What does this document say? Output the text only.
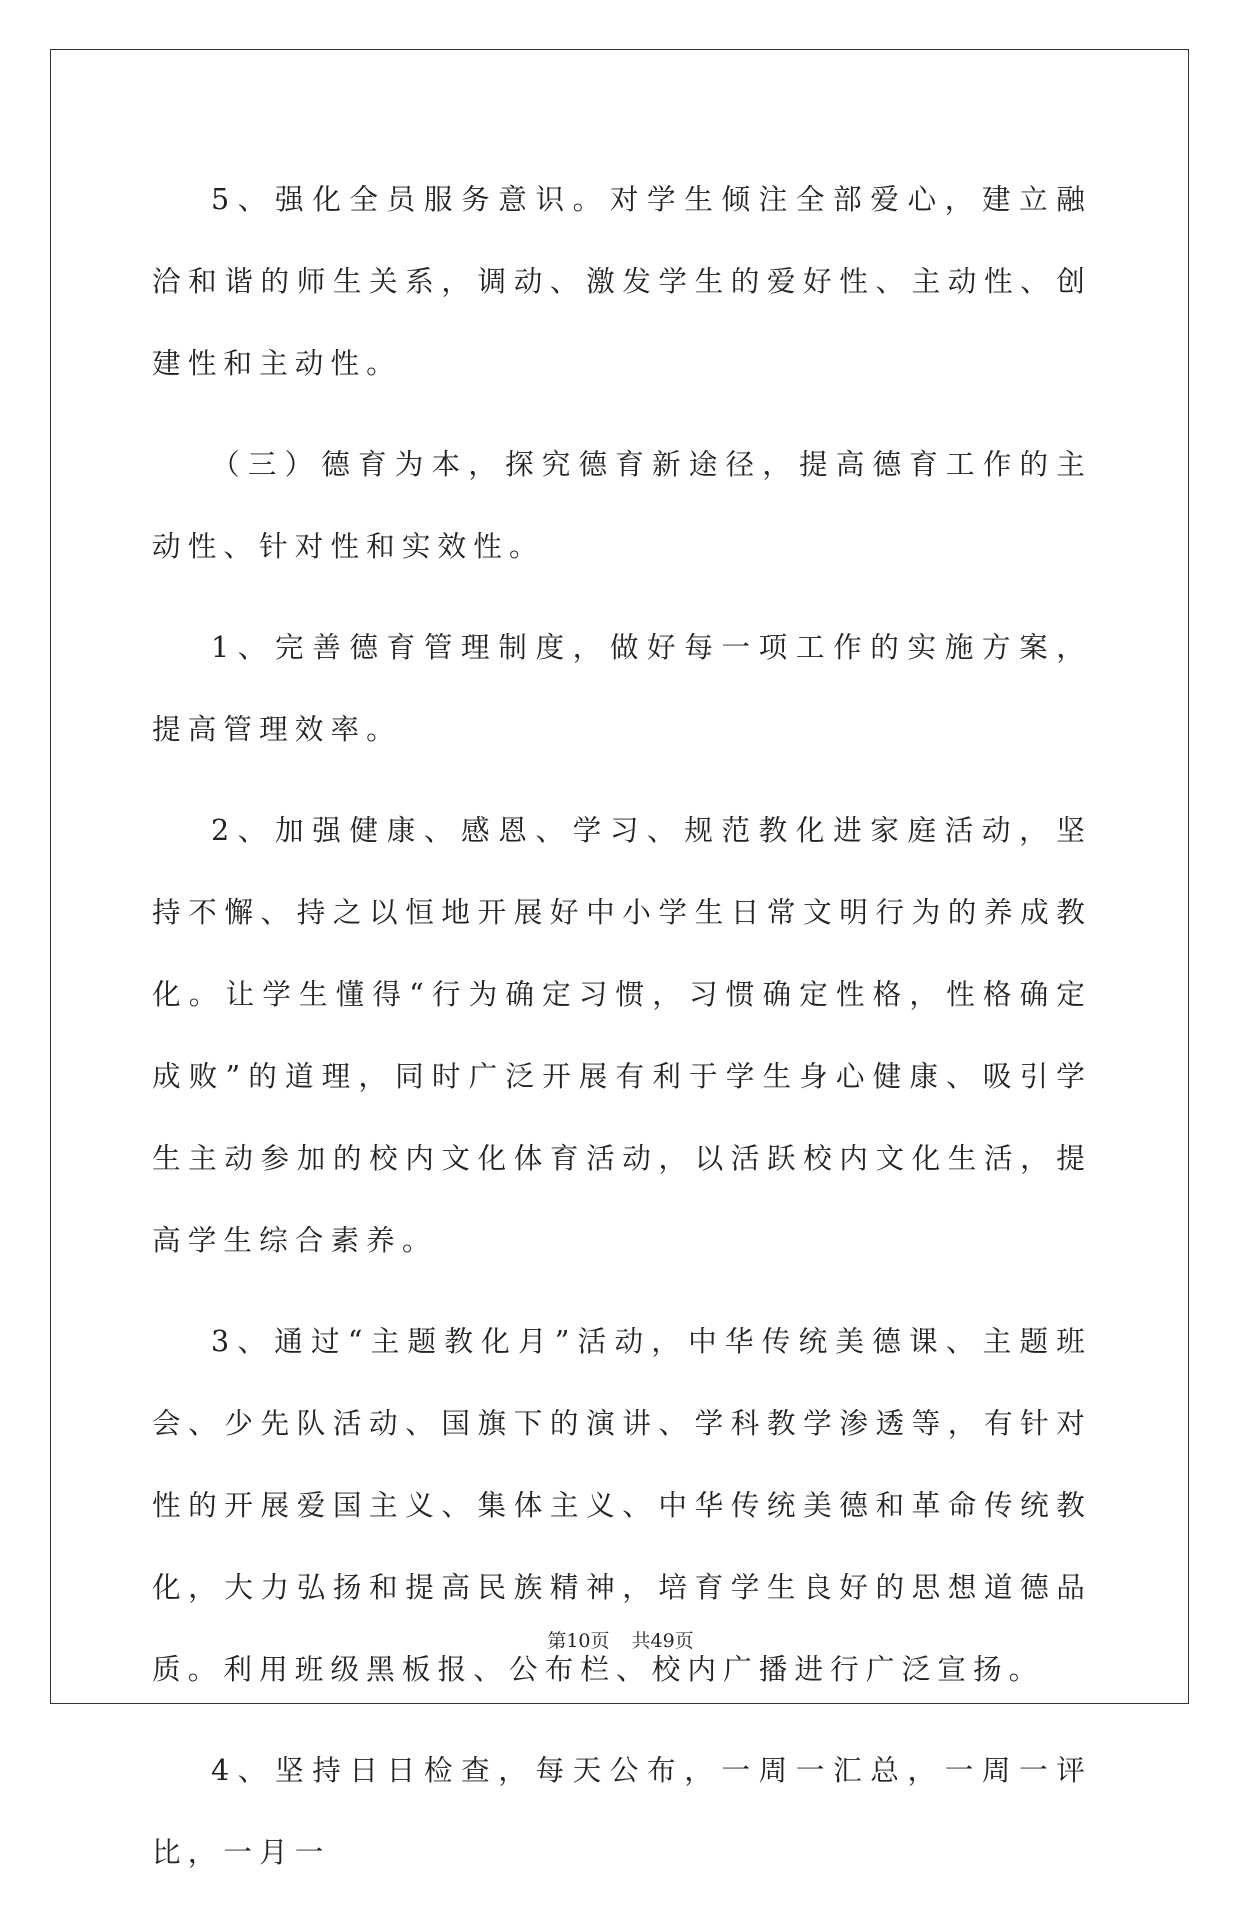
5、强化全员服务意识。对学生倾注全部爱心，建立融洽和谐的师生关系，调动、激发学生的爱好性、主动性、创建性和主动性。

（三）德育为本，探究德育新途径，提高德育工作的主动性、针对性和实效性。

1、完善德育管理制度，做好每一项工作的实施方案，提高管理效率。

2、加强健康、感恩、学习、规范教化进家庭活动，坚持不懈、持之以恒地开展好中小学生日常文明行为的养成教化。让学生懂得“行为确定习惯，习惯确定性格，性格确定成败”的道理，同时广泛开展有利于学生身心健康、吸引学生主动参加的校内文化体育活动，以活跃校内文化生活，提高学生综合素养。

3、通过“主题教化月”活动，中华传统美德课、主题班会、少先队活动、国旗下的演讲、学科教学渗透等，有针对性的开展爱国主义、集体主义、中华传统美德和革命传统教化，大力弘扬和提高民族精神，培育学生良好的思想道德品质。利用班级黑板报、公布栏、校内广播进行广泛宣扬。

4、坚持日日检查，每天公布，一周一汇总，一周一评比，一月一

第10页 共49页
